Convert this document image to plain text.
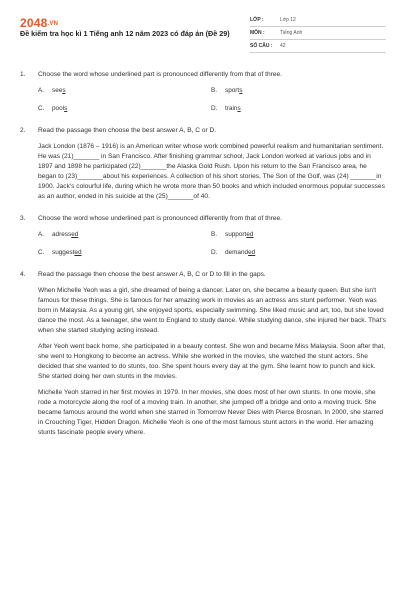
2048.VN
Đề kiểm tra học kì 1 Tiếng anh 12 năm 2023 có đáp án (Đề 29)
LỚP :	Lớp 12
MÔN :	Tiếng Anh
SỐ CÂU :	42
1.	Choose the word whose underlined part is pronounced differently from that of three.
A.	sees	B.	sports
C.	pools	D.	trains
2.	Read the passage then choose the best answer A, B, C or D.

Jack London (1876 – 1916) is an American writer whose work combined powerful realism and humanitarian sentiment. He was (21)_______ in San Francisco. After finishing grammar school, Jack London worked at various jobs and in 1897 and 1898 he participated (22)_______the Alaska Gold Rush. Upon his return to the San Francisco area, he began to (23)_______about his experiences. A collection of his short stories, The Son of the Golf, was (24) _______in 1900. Jack's colourful life, during which he wrote more than 50 books and which included enormous popular successes as an author, ended in his suicide at the (25)_______of 40.

3.	Choose the word whose underlined part is pronounced differently from that of three.
A.	adressed	B.	supported
C.	suggested	D.	demanded
4.	Read the passage then choose the best answer A, B, C or D to fill in the gaps.

When Michelle Yeoh was a girl, she dreamed of being a dancer. Later on, she became a beauty queen. But she isn't famous for these things. She is famous for her amazing work in movies as an actress ans stunt performer. Yeoh was born in Malaysia. As a young girl, she enjoyed sports, especially swimming. She liked music and art, too, but she loved dance the most. As a teenager, she went to England to study dance. While studying dance, she injured her back. That's when she started studying acting instead.

After Yeoh went back home, she participated in a beauty contest. She won and became Miss Malaysia. Soon after that, she went to Hongkong to become an actress. While she worked in the movies, she watched the stunt actors. She decided that she wanted to do stunts, too. She spent hours every day at the gym. She learnt how to punch and kick. She started doing her own stunts in the movies.

Michelle Yeoh starred in her first movies in 1979. In her movies, she does most of her own stunts. In one movie, she rode a motorcycle along the roof of a moving train. In another, she jumped off a bridge and onto a moving truck. She became famous around the world when she starred in Tomorrow Never Dies with Pierce Brosnan. In 2000, she starred in Crouching Tiger, Hidden Dragon. Michelle Yeoh is one of the most famous stunt actors in the world. Her amazing stunts fascinate people every where.
